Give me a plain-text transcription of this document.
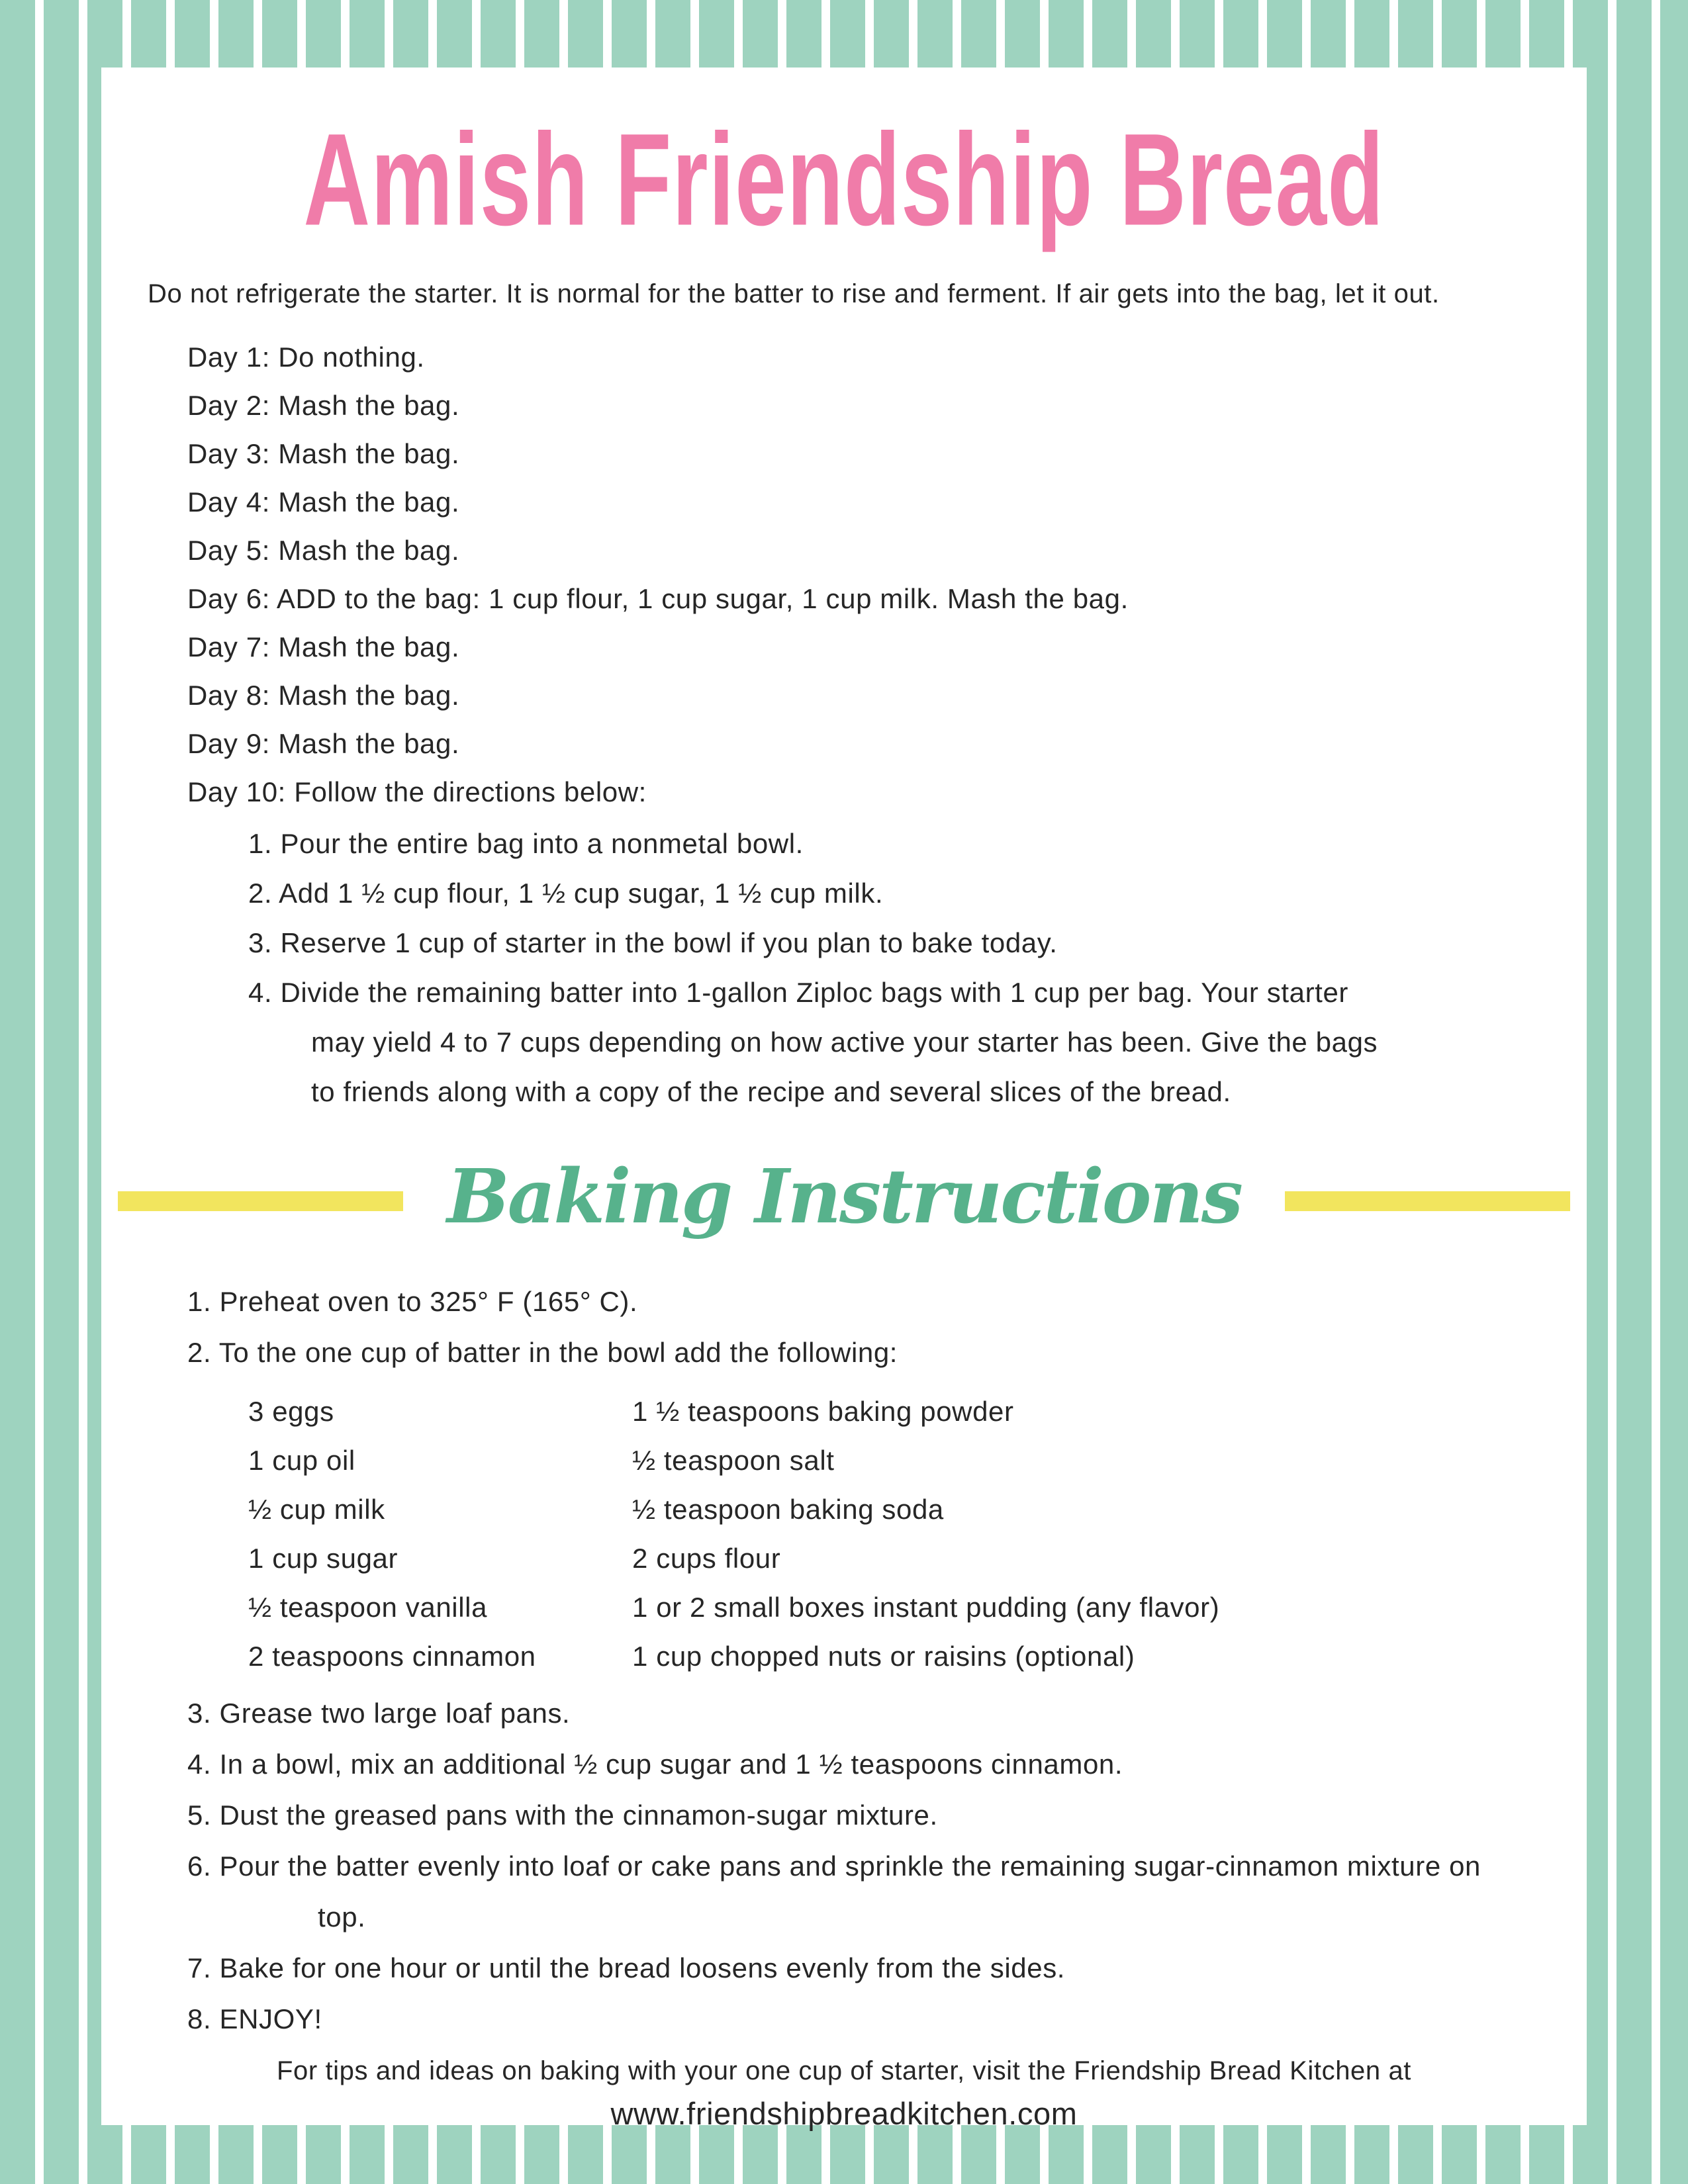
Amish Friendship Bread

Do not refrigerate the starter. It is normal for the batter to rise and ferment. If air gets into the bag, let it out.

Day 1: Do nothing.

Day 2: Mash the bag.

Day 3: Mash the bag.

Day 4: Mash the bag.

Day 5: Mash the bag.

Day 6: ADD to the bag: 1 cup flour, 1 cup sugar, 1 cup milk. Mash the bag.

Day 7: Mash the bag.

Day 8: Mash the bag.

Day 9: Mash the bag.

Day 10: Follow the directions below:

1. Pour the entire bag into a nonmetal bowl.

2. Add 1 ½ cup flour, 1 ½ cup sugar, 1 ½ cup milk.

3. Reserve 1 cup of starter in the bowl if you plan to bake today.

4. Divide the remaining batter into 1-gallon Ziploc bags with 1 cup per bag. Your starter may yield 4 to 7 cups depending on how active your starter has been. Give the bags to friends along with a copy of the recipe and several slices of the bread.

Baking Instructions

1. Preheat oven to 325° F (165° C).

2. To the one cup of batter in the bowl add the following:

3 eggs

1 cup oil

½ cup milk

1 cup sugar

½ teaspoon vanilla

2 teaspoons cinnamon

1 ½ teaspoons baking powder

½ teaspoon salt

½ teaspoon baking soda

2 cups flour

1 or 2 small boxes instant pudding (any flavor)

1 cup chopped nuts or raisins (optional)

3. Grease two large loaf pans.

4. In a bowl, mix an additional ½ cup sugar and 1 ½ teaspoons cinnamon.

5. Dust the greased pans with the cinnamon-sugar mixture.

6. Pour the batter evenly into loaf or cake pans and sprinkle the remaining sugar-cinnamon mixture on top.

7. Bake for one hour or until the bread loosens evenly from the sides.

8. ENJOY!

For tips and ideas on baking with your one cup of starter, visit the Friendship Bread Kitchen at

www.friendshipbreadkitchen.com
